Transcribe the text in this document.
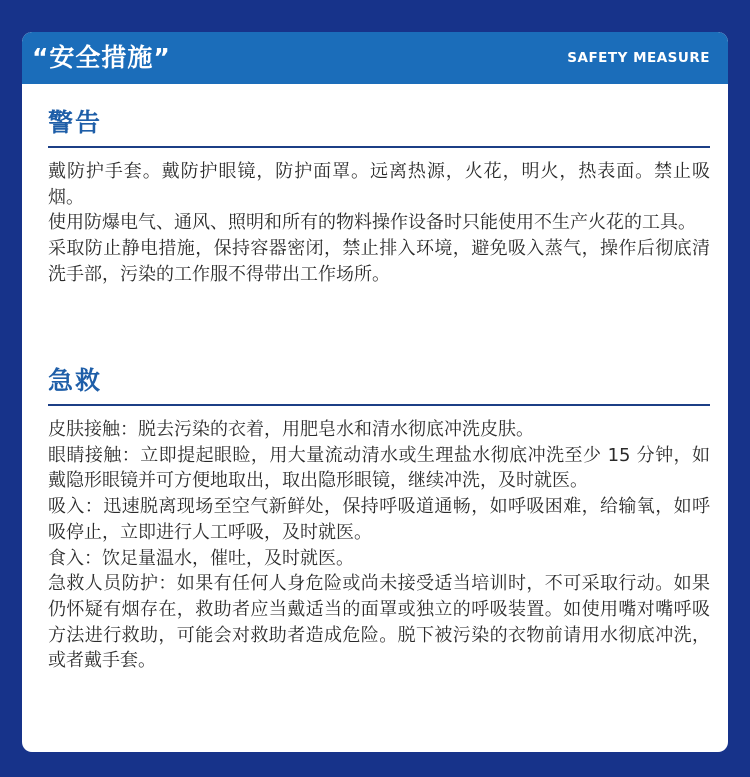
“安全措施”	SAFETY MEASURE
警告

戴防护手套。戴防护眼镜，防护面罩。远离热源，火花，明火，热表面。禁止吸烟。

使用防爆电气、通风、照明和所有的物料操作设备时只能使用不生产火花的工具。

采取防止静电措施，保持容器密闭，禁止排入环境，避免吸入蒸气，操作后彻底清洗手部，污染的工作服不得带出工作场所。

急救

皮肤接触：脱去污染的衣着，用肥皂水和清水彻底冲洗皮肤。

眼睛接触：立即提起眼睑，用大量流动清水或生理盐水彻底冲洗至少 15 分钟，如戴隐形眼镜并可方便地取出，取出隐形眼镜，继续冲洗，及时就医。

吸入：迅速脱离现场至空气新鲜处，保持呼吸道通畅，如呼吸困难，给输氧，如呼吸停止，立即进行人工呼吸，及时就医。

食入：饮足量温水，催吐，及时就医。

急救人员防护：如果有任何人身危险或尚未接受适当培训时，不可采取行动。如果仍怀疑有烟存在，救助者应当戴适当的面罩或独立的呼吸装置。如使用嘴对嘴呼吸方法进行救助，可能会对救助者造成危险。脱下被污染的衣物前请用水彻底冲洗，或者戴手套。
